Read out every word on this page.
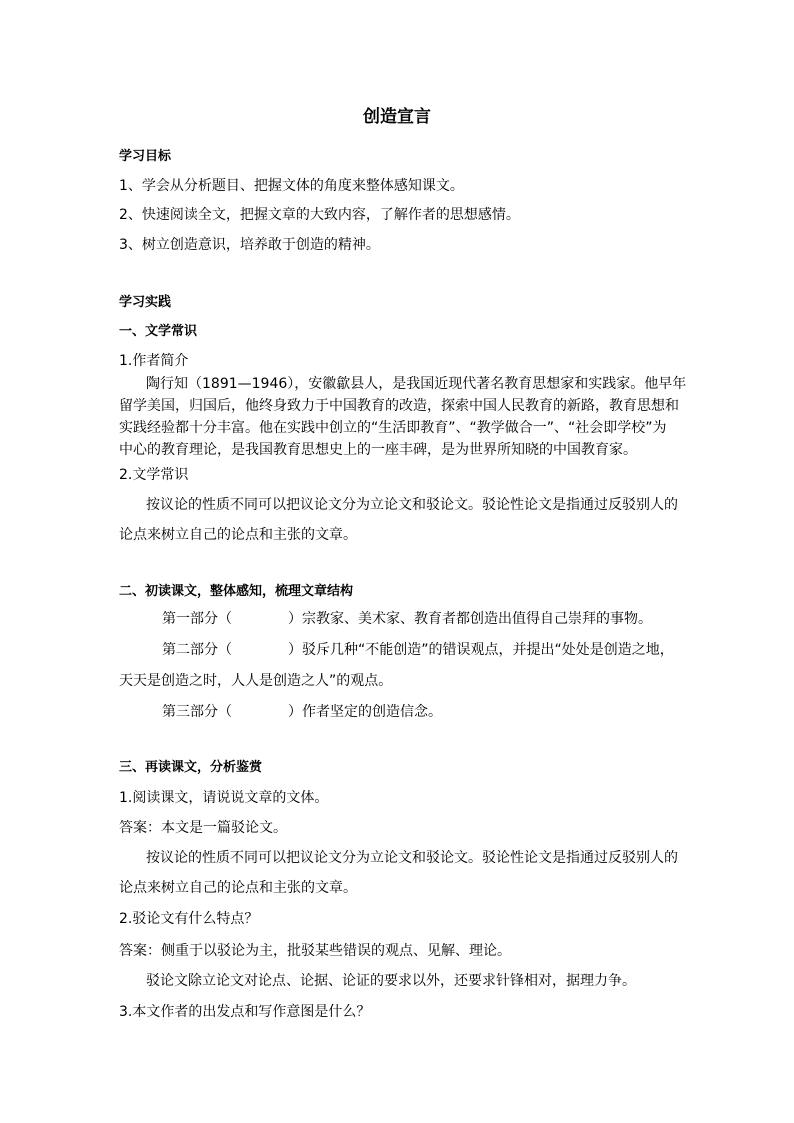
创造宣言
学习目标
1、学会从分析题目、把握文体的角度来整体感知课文。
2、快速阅读全文，把握文章的大致内容，了解作者的思想感情。
3、树立创造意识，培养敢于创造的精神。
学习实践
一、文学常识
1.作者简介
陶行知（1891—1946），安徽歙县人，是我国近现代著名教育思想家和实践家。他早年
留学美国，归国后，他终身致力于中国教育的改造，探索中国人民教育的新路，教育思想和
实践经验都十分丰富。他在实践中创立的“生活即教育”、“教学做合一”、“社会即学校”为
中心的教育理论，是我国教育思想史上的一座丰碑，是为世界所知晓的中国教育家。
2.文学常识
按议论的性质不同可以把议论文分为立论文和驳论文。驳论性论文是指通过反驳别人的
论点来树立自己的论点和主张的文章。
二、初读课文，整体感知，梳理文章结构
第一部分（　　　　）宗教家、美术家、教育者都创造出值得自己崇拜的事物。
第二部分（　　　　）驳斥几种“不能创造”的错误观点，并提出“处处是创造之地，
天天是创造之时，人人是创造之人”的观点。
第三部分（　　　　）作者坚定的创造信念。
三、再读课文，分析鉴赏
1.阅读课文，请说说文章的文体。
答案：本文是一篇驳论文。
按议论的性质不同可以把议论文分为立论文和驳论文。驳论性论文是指通过反驳别人的
论点来树立自己的论点和主张的文章。
2.驳论文有什么特点？
答案：侧重于以驳论为主，批驳某些错误的观点、见解、理论。
驳论文除立论文对论点、论据、论证的要求以外，还要求针锋相对，据理力争。
3.本文作者的出发点和写作意图是什么？
